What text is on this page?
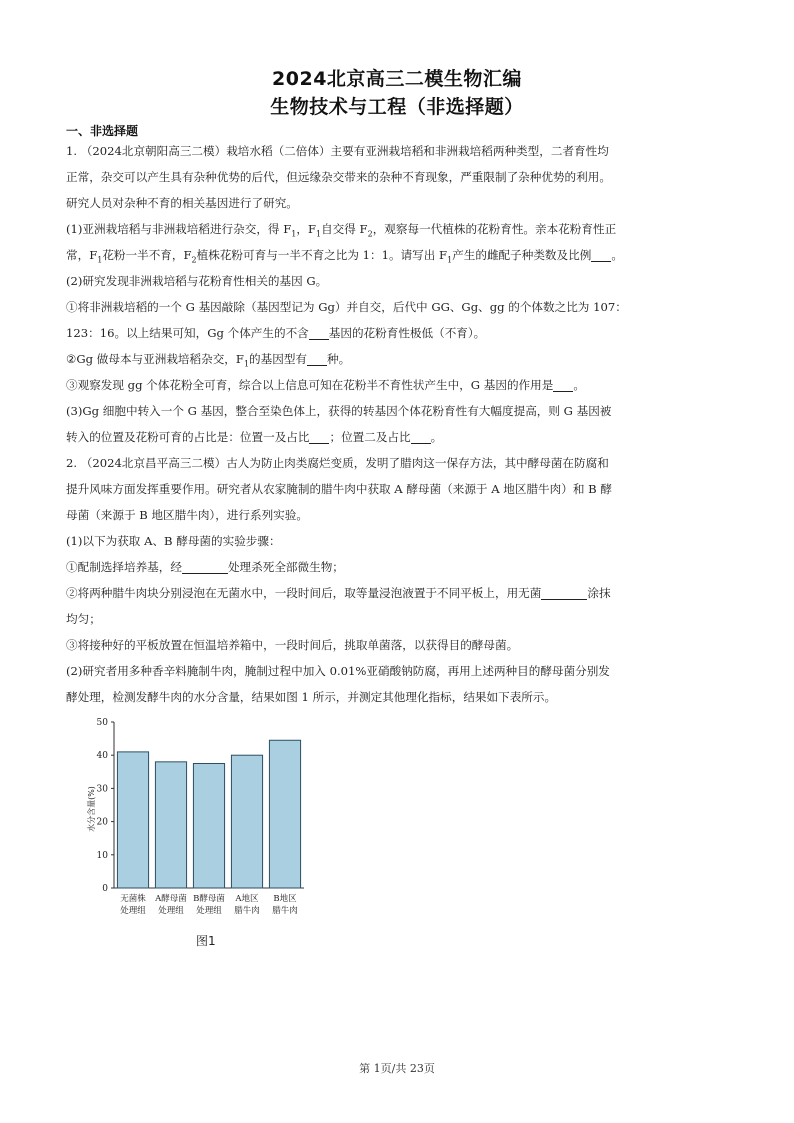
2024北京高三二模生物汇编
生物技术与工程（非选择题）
一、非选择题

1. （2024北京朝阳高三二模）栽培水稻（二倍体）主要有亚洲栽培稻和非洲栽培稻两种类型，二者育性均

正常，杂交可以产生具有杂种优势的后代，但远缘杂交带来的杂种不育现象，严重限制了杂种优势的利用。

研究人员对杂种不育的相关基因进行了研究。

(1)亚洲栽培稻与非洲栽培稻进行杂交，得 $F_1$，$F_1$自交得 $F_2$，观察每一代植株的花粉育性。亲本花粉育性正

常，$F_1$花粉一半不育，$F_2$植株花粉可育与一半不育之比为 1：1。请写出 $F_1$产生的雌配子种类数及比例 。

(2)研究发现非洲栽培稻与花粉育性相关的基因 G。

①将非洲栽培稻的一个 G 基因敲除（基因型记为 Gg）并自交，后代中 GG、Gg、gg 的个体数之比为 107：

123：16。以上结果可知，Gg 个体产生的不含 基因的花粉育性极低（不育）。

②Gg 做母本与亚洲栽培稻杂交，$F_1$的基因型有 种。

③观察发现 gg 个体花粉全可育，综合以上信息可知在花粉半不育性状产生中，G 基因的作用是 。

(3)Gg 细胞中转入一个 G 基因，整合至染色体上，获得的转基因个体花粉育性有大幅度提高，则 G 基因被

转入的位置及花粉可育的占比是：位置一及占比 ；位置二及占比 。

2. （2024北京昌平高三二模）古人为防止肉类腐烂变质，发明了腊肉这一保存方法，其中酵母菌在防腐和

提升风味方面发挥重要作用。研究者从农家腌制的腊牛肉中获取 A 酵母菌（来源于 A 地区腊牛肉）和 B 酵

母菌（来源于 B 地区腊牛肉），进行系列实验。

(1)以下为获取 A、B 酵母菌的实验步骤：

①配制选择培养基，经	处理杀死全部微生物；

②将两种腊牛肉块分别浸泡在无菌水中，一段时间后，取等量浸泡液置于不同平板上，用无菌	涂抹

均匀；

③将接种好的平板放置在恒温培养箱中，一段时间后，挑取单菌落，以获得目的酵母菌。

(2)研究者用多种香辛料腌制牛肉，腌制过程中加入 0.01%亚硝酸钠防腐，再用上述两种目的酵母菌分别发

酵处理，检测发酵牛肉的水分含量，结果如图 1 所示，并测定其他理化指标，结果如下表所示。

0
10
20
30
40
50
水分含量(%)
无菌株
处理组
A酵母菌
处理组
B酵母菌
处理组
A地区
腊牛肉
B地区
腊牛肉
图1
第 1页/共 23页
